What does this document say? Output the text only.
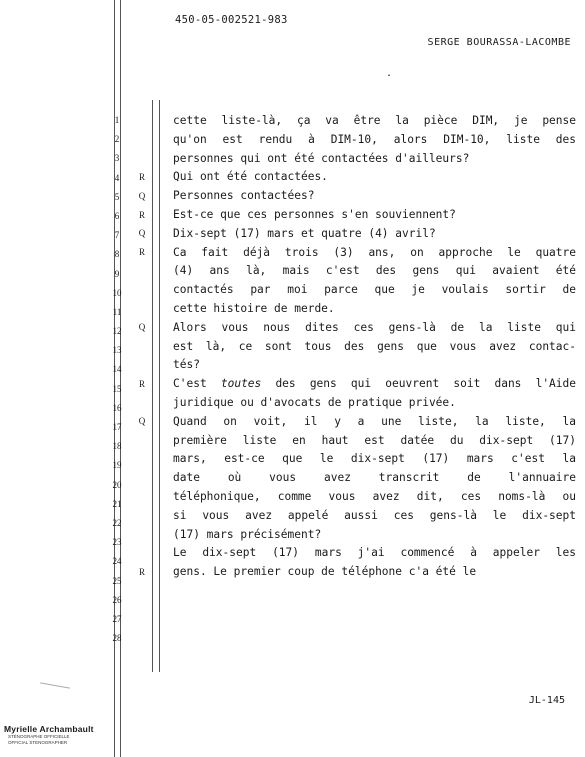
450-05-002521-983
SERGE BOURASSA-LACOMBE
.
1
2
3
4
5
6
7
8
9
10
11
12
13
14
15
16
17
18
19
20
21
22
23
24
25
26
27
28
R
Q
R
Q
R
Q
R
Q
R
cette liste-là, ça va être la pièce DIM, je pense
qu'on est rendu à DIM-10, alors DIM-10, liste des
personnes qui ont été contactées d'ailleurs?
Qui ont été contactées.
Personnes contactées?
Est-ce que ces personnes s'en souviennent?
Dix-sept (17) mars et quatre (4) avril?
Ca fait déjà trois (3) ans, on approche le quatre
(4) ans là, mais c'est des gens qui avaient été
contactés par moi parce que je voulais sortir de
cette histoire de merde.
Alors vous nous dites ces gens-là de la liste qui
est là, ce sont tous des gens que vous avez contac-
tés?
C'est toutes des gens qui oeuvrent soit dans l'Aide
juridique ou d'avocats de pratique privée.
Quand on voit, il y a une liste, la liste, la
première liste en haut est datée du dix-sept (17)
mars, est-ce que le dix-sept (17) mars c'est la
date où vous avez transcrit de l'annuaire
téléphonique, comme vous avez dit, ces noms-là ou
si vous avez appelé aussi ces gens-là le dix-sept
(17) mars précisément?
Le dix-sept (17) mars j'ai commencé à appeler les
gens. Le premier coup de téléphone c'a été le
JL-145
Myrielle Archambault
STÉNOGRAPHE OFFICIELLE
OFFICIAL STENOGRAPHER
